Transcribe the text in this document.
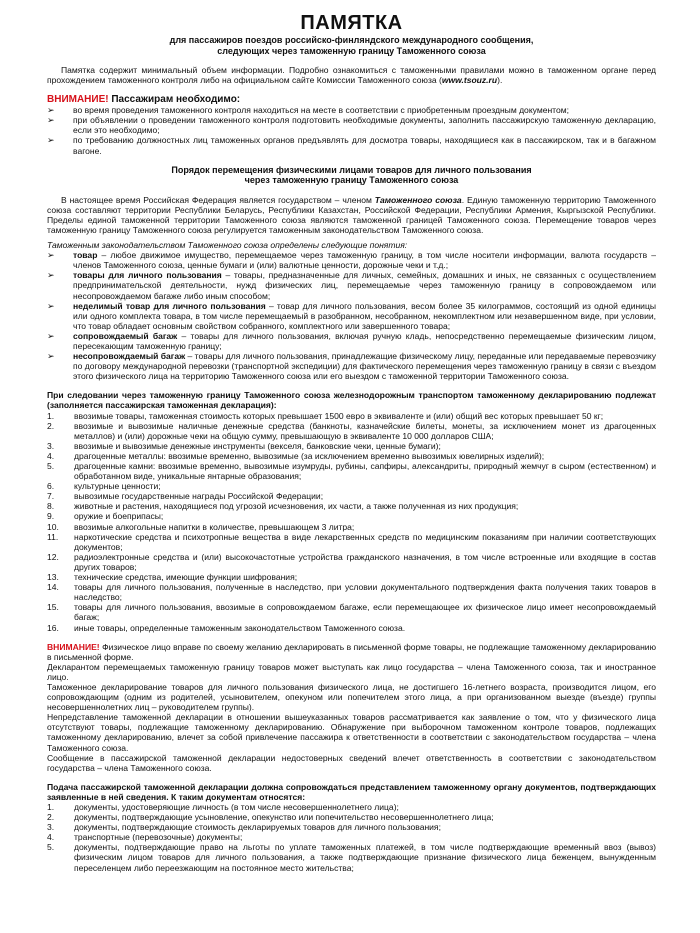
ПАМЯТКА
для пассажиров поездов российско-финляндского международного сообщения,
следующих через таможенную границу Таможенного союза

Памятка содержит минимальный объем информации. Подробно ознакомиться с таможенными правилами можно в таможенном органе перед прохождением таможенного контроля либо на официальном сайте Комиссии Таможенного союза (www.tsouz.ru).

ВНИМАНИЕ! Пассажирам необходимо:
➢ во время проведения таможенного контроля находиться на месте в соответствии с приобретенным проездным документом;
➢ при объявлении о проведении таможенного контроля подготовить необходимые документы, заполнить пассажирскую таможенную декларацию, если это необходимо;
➢ по требованию должностных лиц таможенных органов предъявлять для досмотра товары, находящиеся как в пассажирском, так и в багажном вагоне.
Порядок перемещения физическими лицами товаров для личного пользования
через таможенную границу Таможенного союза

В настоящее время Российская Федерация является государством – членом Таможенного союза. Единую таможенную территорию Таможенного союза составляют территории Республики Беларусь, Республики Казахстан, Российской Федерации, Республики Армения, Кыргызской Республики. Пределы единой таможенной территории Таможенного союза являются таможенной границей Таможенного союза. Перемещение товаров через таможенную границу Таможенного союза регулируется таможенным законодательством Таможенного союза.

Таможенным законодательством Таможенного союза определены следующие понятия:

➢ товар – любое движимое имущество, перемещаемое через таможенную границу, в том числе носители информации, валюта государств – членов Таможенного союза, ценные бумаги и (или) валютные ценности, дорожные чеки и т.д.;
➢ товары для личного пользования – товары, предназначенные для личных, семейных, домашних и иных, не связанных с осуществлением предпринимательской деятельности, нужд физических лиц, перемещаемые через таможенную границу в сопровождаемом или несопровождаемом багаже либо иным способом;
➢ неделимый товар для личного пользования – товар для личного пользования, весом более 35 килограммов, состоящий из одной единицы или одного комплекта товара, в том числе перемещаемый в разобранном, несобранном, некомплектном или незавершенном виде, при условии, что товар обладает основным свойством собранного, комплектного или завершенного товара;
➢ сопровождаемый багаж – товары для личного пользования, включая ручную кладь, непосредственно перемещаемые физическим лицом, пересекающим таможенную границу;
➢ несопровождаемый багаж – товары для личного пользования, принадлежащие физическому лицу, переданные или передаваемые перевозчику по договору международной перевозки (транспортной экспедиции) для фактического перемещения через таможенную границу в связи с въездом этого физического лица на территорию Таможенного союза или его выездом с таможенной территории Таможенного союза.

При следовании через таможенную границу Таможенного союза железнодорожным транспортом таможенному декларированию подлежат (заполняется пассажирская таможенная декларация):

1. ввозимые товары, таможенная стоимость которых превышает 1500 евро в эквиваленте и (или) общий вес которых превышает 50 кг;
2. ввозимые и вывозимые наличные денежные средства (банкноты, казначейские билеты, монеты, за исключением монет из драгоценных металлов) и (или) дорожные чеки на общую сумму, превышающую в эквиваленте 10 000 долларов США;
3. ввозимые и вывозимые денежные инструменты (векселя, банковские чеки, ценные бумаги);
4. драгоценные металлы: ввозимые временно, вывозимые (за исключением временно вывозимых ювелирных изделий);
5. драгоценные камни: ввозимые временно, вывозимые изумруды, рубины, сапфиры, александриты, природный жемчуг в сыром (естественном) и обработанном виде, уникальные янтарные образования;
6. культурные ценности;
7. вывозимые государственные награды Российской Федерации;
8. животные и растения, находящиеся под угрозой исчезновения, их части, а также полученная из них продукция;
9. оружие и боеприпасы;
10. ввозимые алкогольные напитки в количестве, превышающем 3 литра;
11. наркотические средства и психотропные вещества в виде лекарственных средств по медицинским показаниям при наличии соответствующих документов;
12. радиоэлектронные средства и (или) высокочастотные устройства гражданского назначения, в том числе встроенные или входящие в состав других товаров;
13. технические средства, имеющие функции шифрования;
14. товары для личного пользования, полученные в наследство, при условии документального подтверждения факта получения таких товаров в наследство;
15. товары для личного пользования, ввозимые в сопровождаемом багаже, если перемещающее их физическое лицо имеет несопровождаемый багаж;
16. иные товары, определенные таможенным законодательством Таможенного союза.

ВНИМАНИЕ! Физическое лицо вправе по своему желанию декларировать в письменной форме товары, не подлежащие таможенному декларированию в письменной форме.

Декларантом перемещаемых таможенную границу товаров может выступать как лицо государства – члена Таможенного союза, так и иностранное лицо.

Таможенное декларирование товаров для личного пользования физического лица, не достигшего 16-летнего возраста, производится лицом, его сопровождающим (одним из родителей, усыновителем, опекуном или попечителем этого лица, а при организованном выезде (въезде) группы несовершеннолетних лиц – руководителем группы).

Непредставление таможенной декларации в отношении вышеуказанных товаров рассматривается как заявление о том, что у физического лица отсутствуют товары, подлежащие таможенному декларированию. Обнаружение при выборочном таможенном контроле товаров, подлежащих таможенному декларированию, влечет за собой привлечение пассажира к ответственности в соответствии с законодательством государства – члена Таможенного союза.

Сообщение в пассажирской таможенной декларации недостоверных сведений влечет ответственность в соответствии с законодательством государства – члена Таможенного союза.

Подача пассажирской таможенной декларации должна сопровождаться представлением таможенному органу документов, подтверждающих заявленные в ней сведения. К таким документам относятся:

1. документы, удостоверяющие личность (в том числе несовершеннолетнего лица);
2. документы, подтверждающие усыновление, опекунство или попечительство несовершеннолетнего лица;
3. документы, подтверждающие стоимость декларируемых товаров для личного пользования;
4. транспортные (перевозочные) документы;
5. документы, подтверждающие право на льготы по уплате таможенных платежей, в том числе подтверждающие временный ввоз (вывоз) физическим лицом товаров для личного пользования, а также подтверждающие признание физического лица беженцем, вынужденным переселенцем либо переезжающим на постоянное место жительства;
